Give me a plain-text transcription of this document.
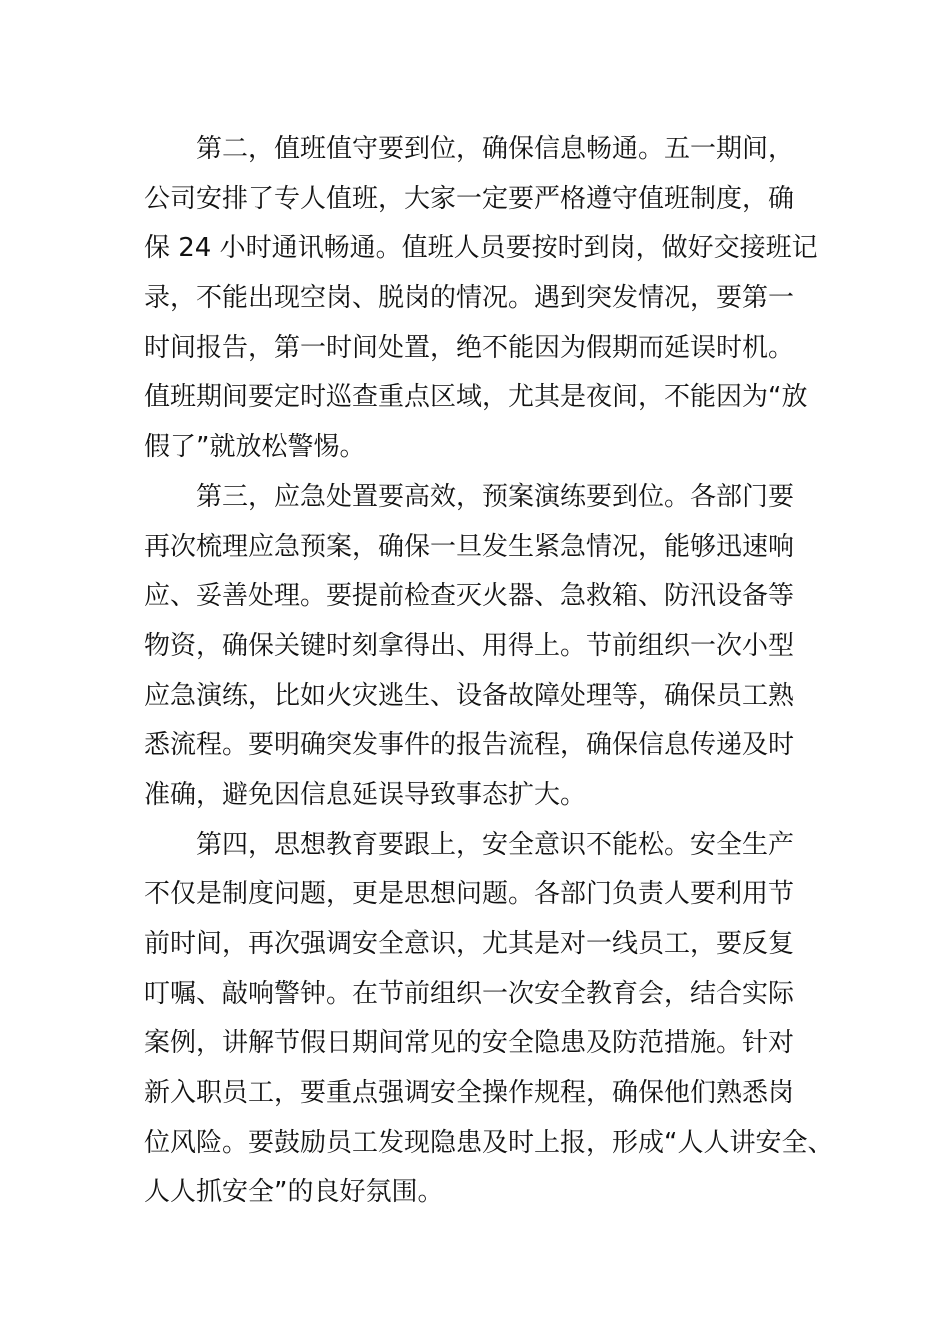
第二，值班值守要到位，确保信息畅通。五一期间，
公司安排了专人值班，大家一定要严格遵守值班制度，确
保 24 小时通讯畅通。值班人员要按时到岗，做好交接班记
录，不能出现空岗、脱岗的情况。遇到突发情况，要第一
时间报告，第一时间处置，绝不能因为假期而延误时机。
值班期间要定时巡查重点区域，尤其是夜间，不能因为“放
假了”就放松警惕。
第三，应急处置要高效，预案演练要到位。各部门要
再次梳理应急预案，确保一旦发生紧急情况，能够迅速响
应、妥善处理。要提前检查灭火器、急救箱、防汛设备等
物资，确保关键时刻拿得出、用得上。节前组织一次小型
应急演练，比如火灾逃生、设备故障处理等，确保员工熟
悉流程。要明确突发事件的报告流程，确保信息传递及时
准确，避免因信息延误导致事态扩大。
第四，思想教育要跟上，安全意识不能松。安全生产
不仅是制度问题，更是思想问题。各部门负责人要利用节
前时间，再次强调安全意识，尤其是对一线员工，要反复
叮嘱、敲响警钟。在节前组织一次安全教育会，结合实际
案例，讲解节假日期间常见的安全隐患及防范措施。针对
新入职员工，要重点强调安全操作规程，确保他们熟悉岗
位风险。要鼓励员工发现隐患及时上报，形成“人人讲安全、
人人抓安全”的良好氛围。
